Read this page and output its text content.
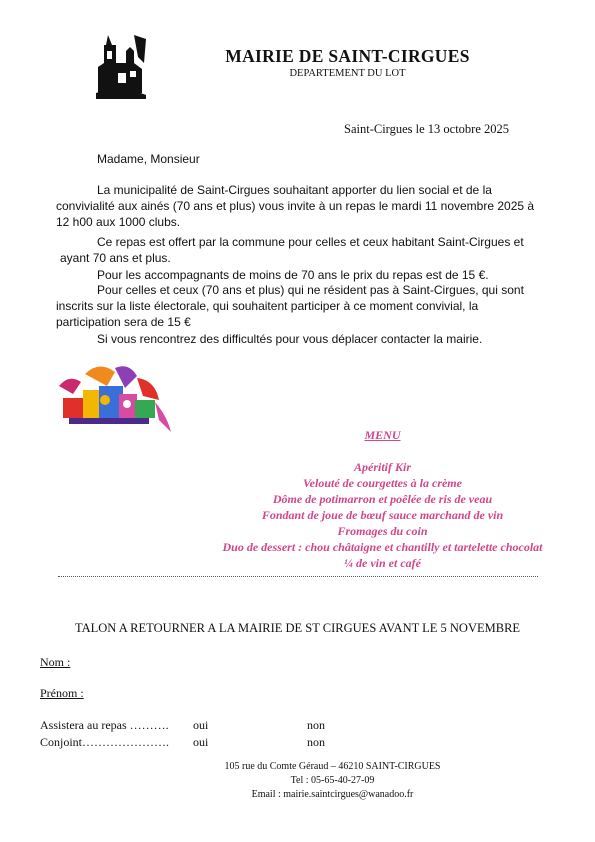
MAIRIE DE SAINT-CIRGUES
DEPARTEMENT DU LOT
Saint-Cirgues le 13 octobre 2025
Madame, Monsieur
La municipalité de Saint-Cirgues souhaitant apporter du lien social et de la
convivialité aux ainés (70 ans et plus) vous invite à un repas le mardi 11 novembre 2025 à
12 h00 aux 1000 clubs.
Ce repas est offert par la commune pour celles et ceux habitant Saint-Cirgues et
ayant 70 ans et plus.
Pour les accompagnants de moins de 70 ans le prix du repas est de 15 €.
Pour celles et ceux (70 ans et plus) qui ne résident pas à Saint-Cirgues, qui sont
inscrits sur la liste électorale, qui souhaitent participer à ce moment convivial, la
participation sera de 15 €
Si vous rencontrez des difficultés pour vous déplacer contacter la mairie.
MENU
Apéritif Kir
Velouté de courgettes à la crème
Dôme de potimarron et poêlée de ris de veau
Fondant de joue de bœuf sauce marchand de vin
Fromages du coin
Duo de dessert : chou châtaigne et chantilly et tartelette chocolat
¼ de vin et café
TALON A RETOURNER A LA MAIRIE DE ST CIRGUES AVANT LE 5 NOVEMBRE
Nom :
Prénom :
Assistera au repas ………. oui	non
Conjoint…………………. oui	non
105 rue du Comte Géraud – 46210 SAINT-CIRGUES
Tel : 05-65-40-27-09
Email : mairie.saintcirgues@wanadoo.fr
